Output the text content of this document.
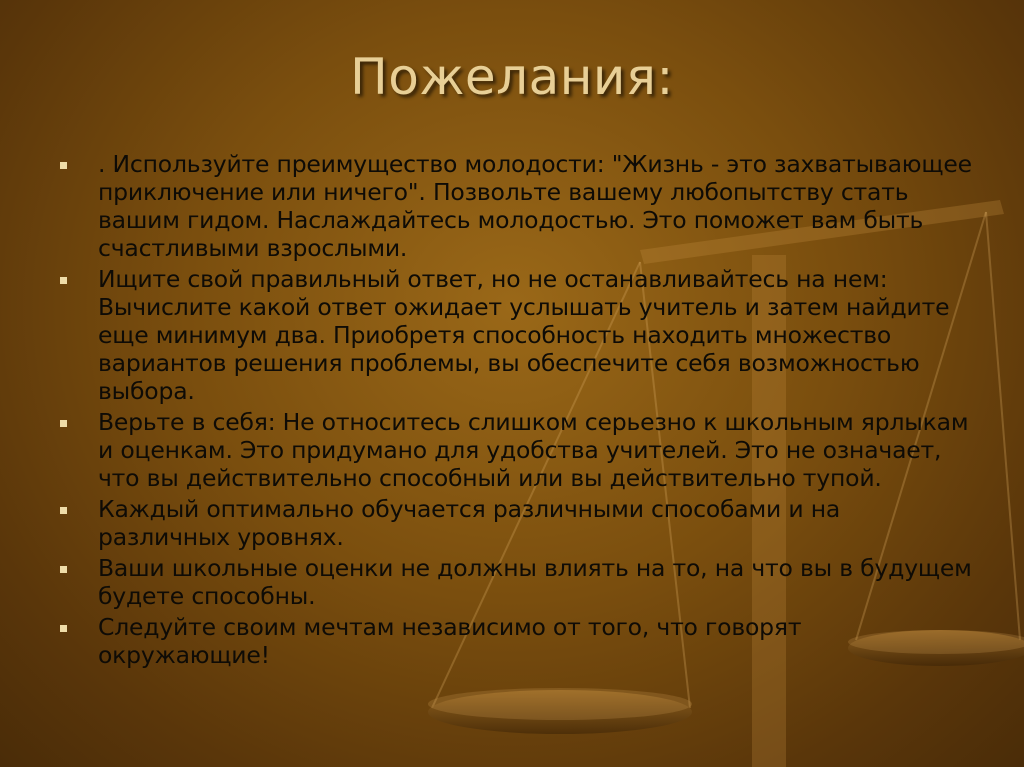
Пожелания:
. Используйте преимущество молодости: "Жизнь - это захватывающее приключение или ничего". Позвольте вашему любопытству стать вашим гидом. Наслаждайтесь молодостью. Это поможет вам быть счастливыми взрослыми.
Ищите свой правильный ответ, но не останавливайтесь на нем: Вычислите какой ответ ожидает услышать учитель и затем найдите еще минимум два. Приобретя способность находить множество вариантов решения проблемы, вы обеспечите себя возможностью выбора.
Верьте в себя: Не относитесь слишком серьезно к школьным ярлыкам и оценкам. Это придумано для удобства учителей. Это не означает, что вы действительно способный или вы действительно тупой.
Каждый оптимально обучается различными способами и на различных уровнях.
Ваши школьные оценки не должны влиять на то, на что вы в будущем будете способны.
Следуйте своим мечтам независимо от того, что говорят окружающие!
